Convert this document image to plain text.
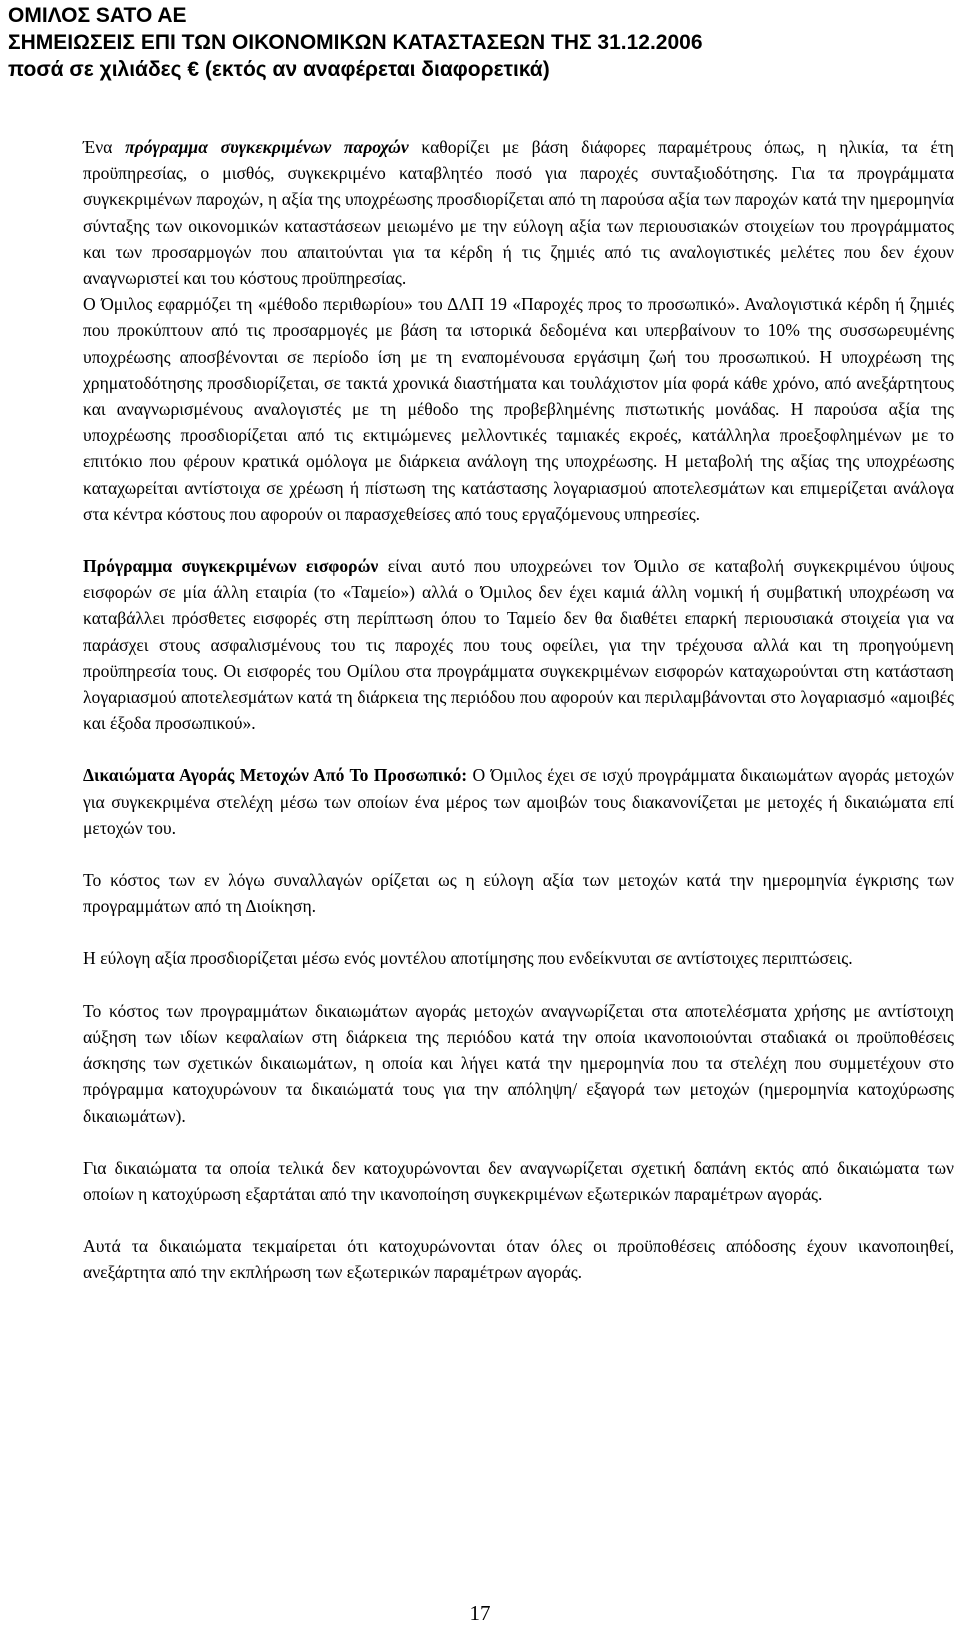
ΟΜΙΛΟΣ SATO AE
ΣΗΜΕΙΩΣΕΙΣ ΕΠΙ ΤΩΝ ΟΙΚΟΝΟΜΙΚΩΝ ΚΑΤΑΣΤΑΣΕΩΝ ΤΗΣ 31.12.2006
ποσά σε χιλιάδες € (εκτός αν αναφέρεται διαφορετικά)

Ένα πρόγραμμα συγκεκριμένων παροχών καθορίζει με βάση διάφορες παραμέτρους όπως, η ηλικία, τα έτη προϋπηρεσίας, ο μισθός, συγκεκριμένο καταβλητέο ποσό για παροχές συνταξιοδότησης. Για τα προγράμματα συγκεκριμένων παροχών, η αξία της υποχρέωσης προσδιορίζεται από τη παρούσα αξία των παροχών κατά την ημερομηνία σύνταξης των οικονομικών καταστάσεων μειωμένο με την εύλογη αξία των περιουσιακών στοιχείων του προγράμματος και των προσαρμογών που απαιτούνται για τα κέρδη ή τις ζημιές από τις αναλογιστικές μελέτες που δεν έχουν αναγνωριστεί και του κόστους προϋπηρεσίας.

Ο Όμιλος εφαρμόζει τη «μέθοδο περιθωρίου» του ΔΛΠ 19 «Παροχές προς το προσωπικό». Αναλογιστικά κέρδη ή ζημιές που προκύπτουν από τις προσαρμογές με βάση τα ιστορικά δεδομένα και υπερβαίνουν το 10% της συσσωρευμένης υποχρέωσης αποσβένονται σε περίοδο ίση με τη εναπομένουσα εργάσιμη ζωή του προσωπικού. Η υποχρέωση της χρηματοδότησης προσδιορίζεται, σε τακτά χρονικά διαστήματα και τουλάχιστον μία φορά κάθε χρόνο, από ανεξάρτητους και αναγνωρισμένους αναλογιστές με τη μέθοδο της προβεβλημένης πιστωτικής μονάδας. Η παρούσα αξία της υποχρέωσης προσδιορίζεται από τις εκτιμώμενες μελλοντικές ταμιακές εκροές, κατάλληλα προεξοφλημένων με το επιτόκιο που φέρουν κρατικά ομόλογα με διάρκεια ανάλογη της υποχρέωσης. Η μεταβολή της αξίας της υποχρέωσης καταχωρείται αντίστοιχα σε χρέωση ή πίστωση της κατάστασης λογαριασμού αποτελεσμάτων και επιμερίζεται ανάλογα στα κέντρα κόστους που αφορούν οι παρασχεθείσες από τους εργαζόμενους υπηρεσίες.

Πρόγραμμα συγκεκριμένων εισφορών είναι αυτό που υποχρεώνει τον Όμιλο σε καταβολή συγκεκριμένου ύψους εισφορών σε μία άλλη εταιρία (το «Ταμείο») αλλά ο Όμιλος δεν έχει καμιά άλλη νομική ή συμβατική υποχρέωση να καταβάλλει πρόσθετες εισφορές στη περίπτωση όπου το Ταμείο δεν θα διαθέτει επαρκή περιουσιακά στοιχεία για να παράσχει στους ασφαλισμένους του τις παροχές που τους οφείλει, για την τρέχουσα αλλά και τη προηγούμενη προϋπηρεσία τους. Οι εισφορές του Ομίλου στα προγράμματα συγκεκριμένων εισφορών καταχωρούνται στη κατάσταση λογαριασμού αποτελεσμάτων κατά τη διάρκεια της περιόδου που αφορούν και περιλαμβάνονται στο λογαριασμό «αμοιβές και έξοδα προσωπικού».

Δικαιώματα Αγοράς Μετοχών Από Το Προσωπικό: Ο Όμιλος έχει σε ισχύ προγράμματα δικαιωμάτων αγοράς μετοχών για συγκεκριμένα στελέχη μέσω των οποίων ένα μέρος των αμοιβών τους διακανονίζεται με μετοχές ή δικαιώματα επί μετοχών του.

Το κόστος των εν λόγω συναλλαγών ορίζεται ως η εύλογη αξία των μετοχών κατά την ημερομηνία έγκρισης των προγραμμάτων από τη Διοίκηση.

Η εύλογη αξία προσδιορίζεται μέσω ενός μοντέλου αποτίμησης που ενδείκνυται σε αντίστοιχες περιπτώσεις.

Το κόστος των προγραμμάτων δικαιωμάτων αγοράς μετοχών αναγνωρίζεται στα αποτελέσματα χρήσης με αντίστοιχη αύξηση των ιδίων κεφαλαίων στη διάρκεια της περιόδου κατά την οποία ικανοποιούνται σταδιακά οι προϋποθέσεις άσκησης των σχετικών δικαιωμάτων, η οποία και λήγει κατά την ημερομηνία που τα στελέχη που συμμετέχουν στο πρόγραμμα κατοχυρώνουν τα δικαιώματά τους για την απόληψη/ εξαγορά των μετοχών (ημερομηνία κατοχύρωσης δικαιωμάτων).

Για δικαιώματα τα οποία τελικά δεν κατοχυρώνονται δεν αναγνωρίζεται σχετική δαπάνη εκτός από δικαιώματα των οποίων η κατοχύρωση εξαρτάται από την ικανοποίηση συγκεκριμένων εξωτερικών παραμέτρων αγοράς.

Αυτά τα δικαιώματα τεκμαίρεται ότι κατοχυρώνονται όταν όλες οι προϋποθέσεις απόδοσης έχουν ικανοποιηθεί, ανεξάρτητα από την εκπλήρωση των εξωτερικών παραμέτρων αγοράς.

17
